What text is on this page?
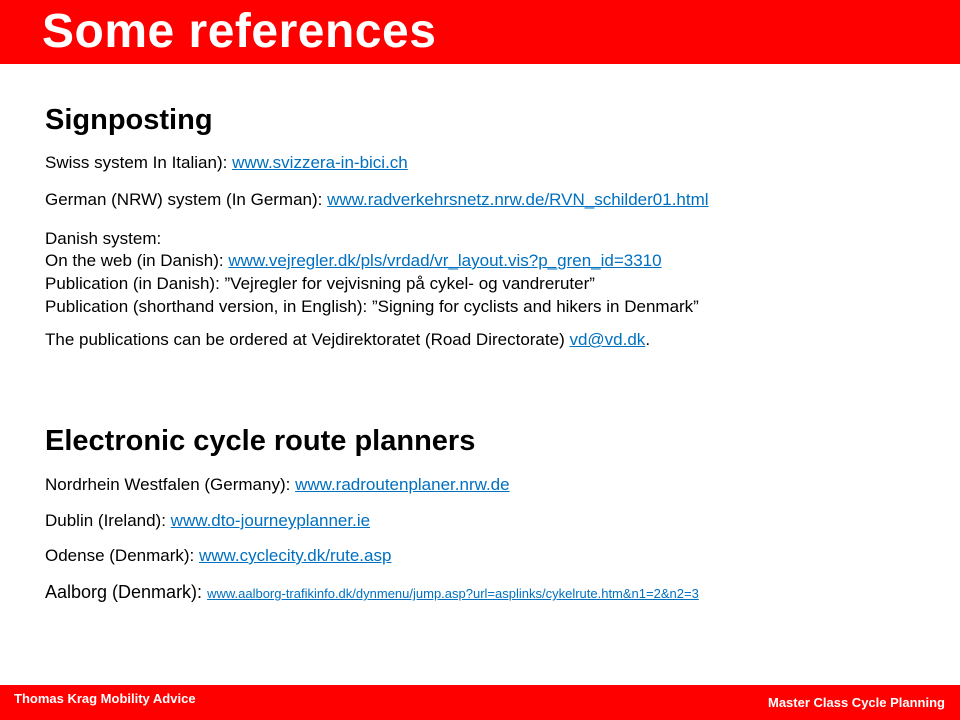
Some references
Signposting

Swiss system In Italian): www.svizzera-in-bici.ch

German (NRW) system (In German): www.radverkehrsnetz.nrw.de/RVN_schilder01.html

Danish system:

On the web (in Danish): www.vejregler.dk/pls/vrdad/vr_layout.vis?p_gren_id=3310

Publication (in Danish): ”Vejregler for vejvisning på cykel- og vandreruter”

Publication (shorthand version, in English): ”Signing for cyclists and hikers in Denmark”

The publications can be ordered at Vejdirektoratet (Road Directorate) vd@vd.dk.

Electronic cycle route planners

Nordrhein Westfalen (Germany): www.radroutenplaner.nrw.de

Dublin (Ireland): www.dto-journeyplanner.ie

Odense (Denmark): www.cyclecity.dk/rute.asp

Aalborg (Denmark): www.aalborg-trafikinfo.dk/dynmenu/jump.asp?url=asplinks/cykelrute.htm&n1=2&n2=3

Thomas Krag Mobility Advice	Master Class Cycle Planning
